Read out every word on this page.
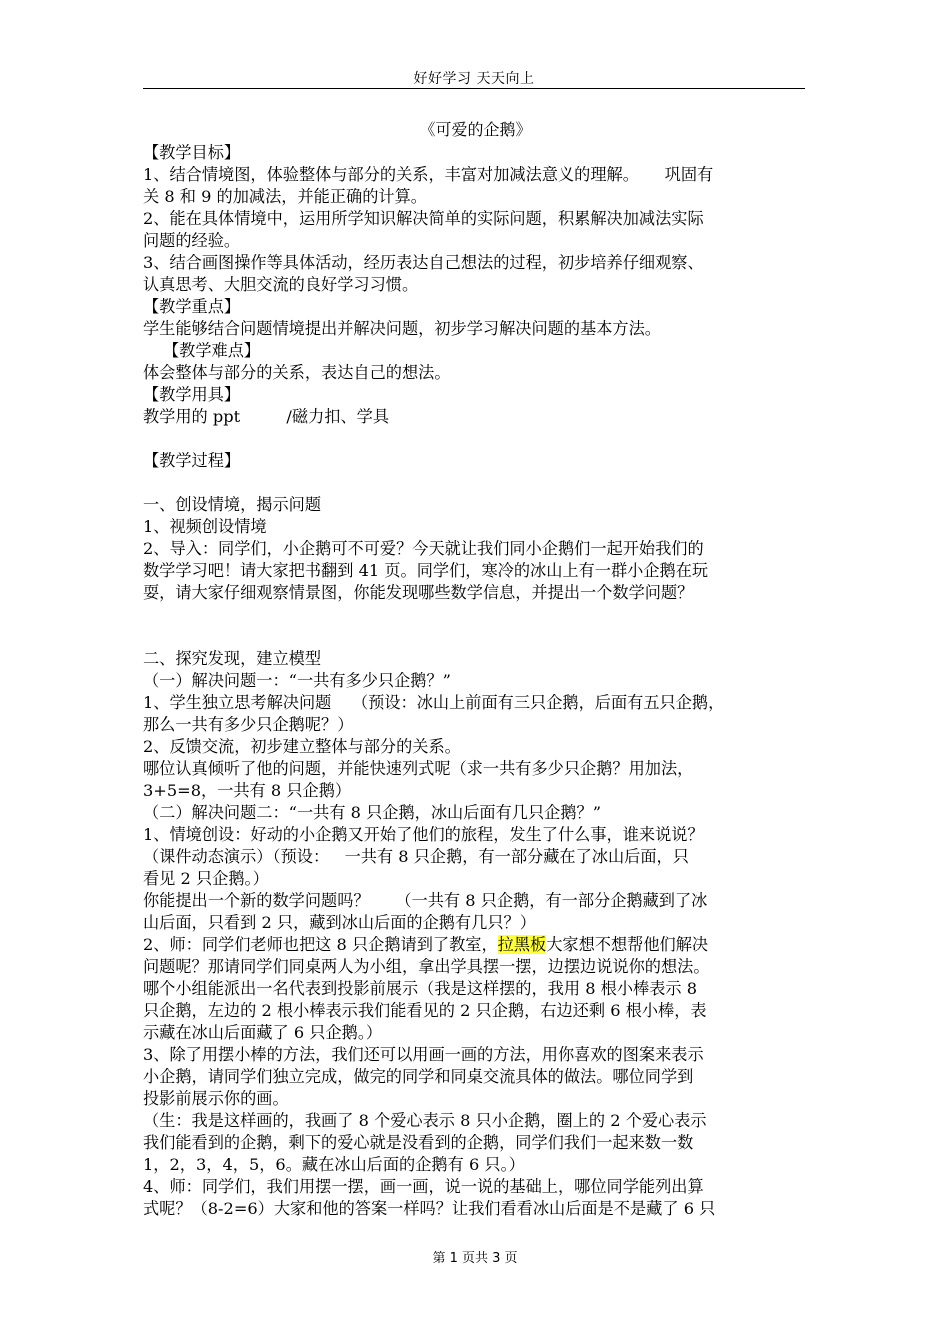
好好学习 天天向上
《可爱的企鹅》

【教学目标】

1、结合情境图，体验整体与部分的关系，丰富对加减法意义的理解。     巩固有

关 8 和 9 的加减法，并能正确的计算。

2、能在具体情境中，运用所学知识解决简单的实际问题，积累解决加减法实际

问题的经验。

3、结合画图操作等具体活动，经历表达自己想法的过程，初步培养仔细观察、

认真思考、大胆交流的良好学习习惯。

【教学重点】

学生能够结合问题情境提出并解决问题，初步学习解决问题的基本方法。

【教学难点】

体会整体与部分的关系，表达自己的想法。

【教学用具】

教学用的 ppt         /磁力扣、学具

【教学过程】

一、创设情境，揭示问题

1、视频创设情境

2、导入：同学们，小企鹅可不可爱？今天就让我们同小企鹅们一起开始我们的

数学学习吧！请大家把书翻到 41 页。同学们，寒冷的冰山上有一群小企鹅在玩

耍，请大家仔细观察情景图，你能发现哪些数学信息，并提出一个数学问题？

二、探究发现，建立模型

（一）解决问题一：“一共有多少只企鹅？”

1、学生独立思考解决问题    （预设：冰山上前面有三只企鹅，后面有五只企鹅，

那么一共有多少只企鹅呢？）

2、反馈交流，初步建立整体与部分的关系。

哪位认真倾听了他的问题，并能快速列式呢（求一共有多少只企鹅？用加法，

3+5=8，一共有 8 只企鹅）

（二）解决问题二：“一共有 8 只企鹅，冰山后面有几只企鹅？”

1、情境创设：好动的小企鹅又开始了他们的旅程，发生了什么事，谁来说说？

（课件动态演示）（预设：   一共有 8 只企鹅，有一部分藏在了冰山后面，只

看见 2 只企鹅。）

你能提出一个新的数学问题吗？     （一共有 8 只企鹅，有一部分企鹅藏到了冰

山后面，只看到 2 只，藏到冰山后面的企鹅有几只？）

2、师：同学们老师也把这 8 只企鹅请到了教室，拉黑板大家想不想帮他们解决

问题呢？那请同学们同桌两人为小组，拿出学具摆一摆，边摆边说说你的想法。

哪个小组能派出一名代表到投影前展示（我是这样摆的，我用 8 根小棒表示 8

只企鹅，左边的 2 根小棒表示我们能看见的 2 只企鹅，右边还剩 6 根小棒，表

示藏在冰山后面藏了 6 只企鹅。）

3、除了用摆小棒的方法，我们还可以用画一画的方法，用你喜欢的图案来表示

小企鹅，请同学们独立完成，做完的同学和同桌交流具体的做法。哪位同学到

投影前展示你的画。

（生：我是这样画的，我画了 8 个爱心表示 8 只小企鹅，圈上的 2 个爱心表示

我们能看到的企鹅，剩下的爱心就是没看到的企鹅，同学们我们一起来数一数

1，2，3，4，5，6。藏在冰山后面的企鹅有 6 只。）

4、师：同学们，我们用摆一摆，画一画，说一说的基础上，哪位同学能列出算

式呢？（8-2=6）大家和他的答案一样吗？让我们看看冰山后面是不是藏了 6 只

第 1 页共 3 页
